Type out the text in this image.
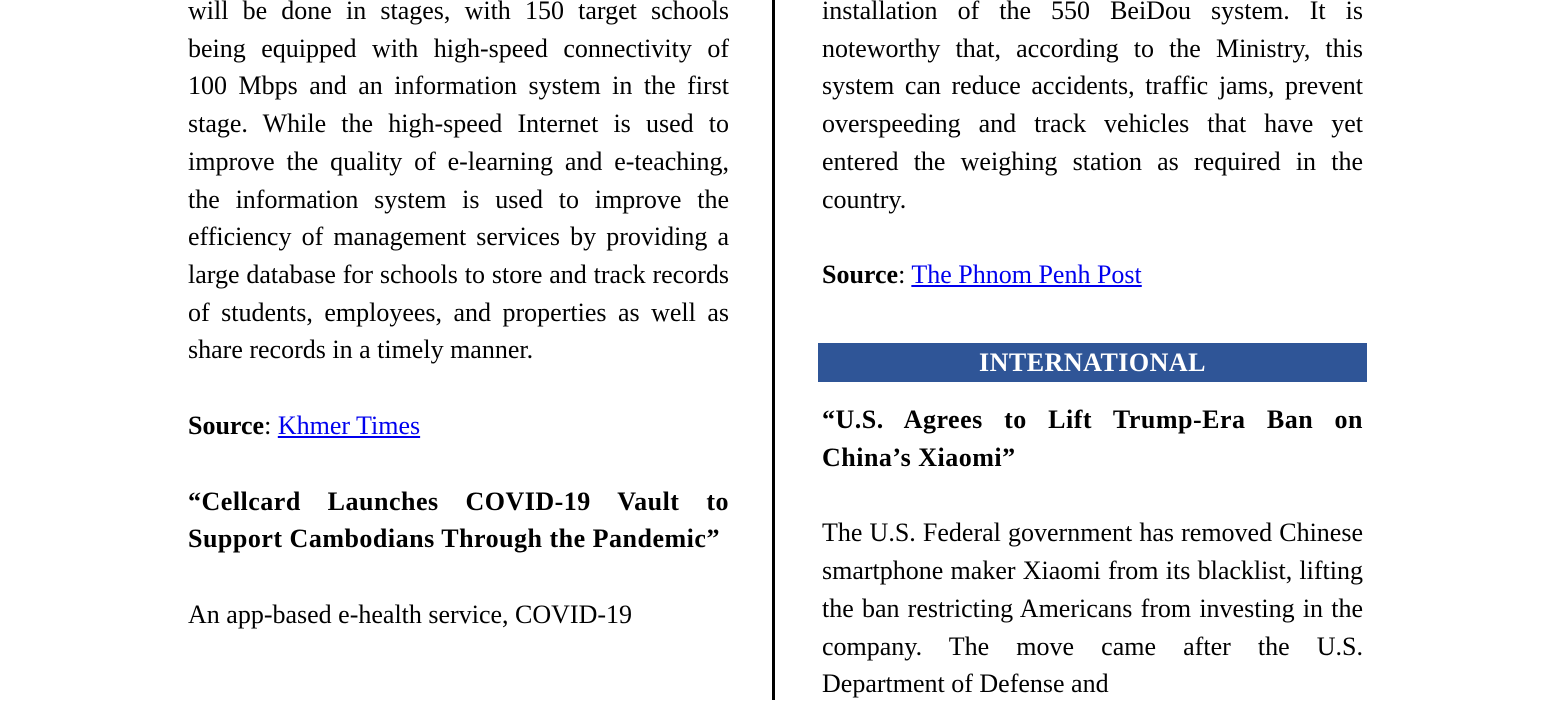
will be done in stages, with 150 target schools being equipped with high-speed connectivity of 100 Mbps and an information system in the first stage. While the high-speed Internet is used to improve the quality of e-learning and e-teaching, the information system is used to improve the efficiency of management services by providing a large database for schools to store and track records of students, employees, and properties as well as share records in a timely manner.

Source: Khmer Times

“Cellcard Launches COVID-19 Vault to Support Cambodians Through the Pandemic”

An app-based e-health service, COVID-19

installation of the 550 BeiDou system. It is noteworthy that, according to the Ministry, this system can reduce accidents, traffic jams, prevent overspeeding and track vehicles that have yet entered the weighing station as required in the country.

Source: The Phnom Penh Post

INTERNATIONAL

“U.S. Agrees to Lift Trump-Era Ban on China’s Xiaomi”

The U.S. Federal government has removed Chinese smartphone maker Xiaomi from its blacklist, lifting the ban restricting Americans from investing in the company. The move came after the U.S. Department of Defense and
